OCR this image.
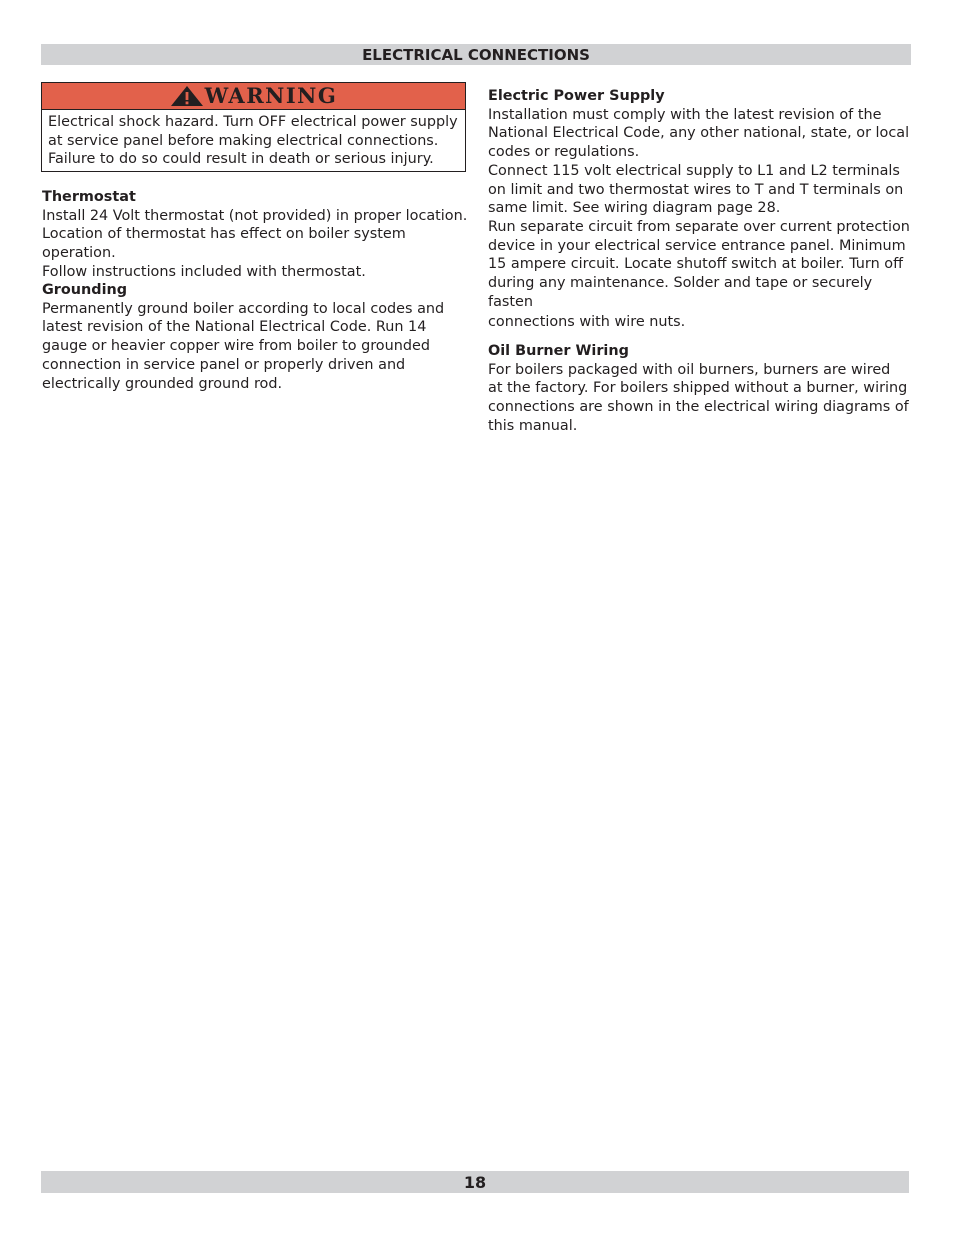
ELECTRICAL CONNECTIONS
WARNING
Electrical shock hazard. Turn OFF electrical power supply
at service panel before making electrical connections.
Failure to do so could result in death or serious injury.
Thermostat

Install 24 Volt thermostat (not provided) in proper location.
Location of thermostat has effect on boiler system operation.
Follow instructions included with thermostat.

Grounding

Permanently ground boiler according to local codes and
latest revision of the National Electrical Code. Run 14
gauge or heavier copper wire from boiler to grounded
connection in service panel or properly driven and
electrically grounded ground rod.

Electric Power Supply

Installation must comply with the latest revision of the
National Electrical Code, any other national, state, or local
codes or regulations.
Connect 115 volt electrical supply to L1 and L2 terminals
on limit and two thermostat wires to T and T terminals on
same limit. See wiring diagram page 28.
Run separate circuit from separate over current protection
device in your electrical service entrance panel. Minimum
15 ampere circuit. Locate shutoff switch at boiler. Turn off
during any maintenance. Solder and tape or securely fasten

connections with wire nuts.
Oil Burner Wiring

For boilers packaged with oil burners, burners are wired
at the factory. For boilers shipped without a burner, wiring
connections are shown in the electrical wiring diagrams of
this manual.

18
